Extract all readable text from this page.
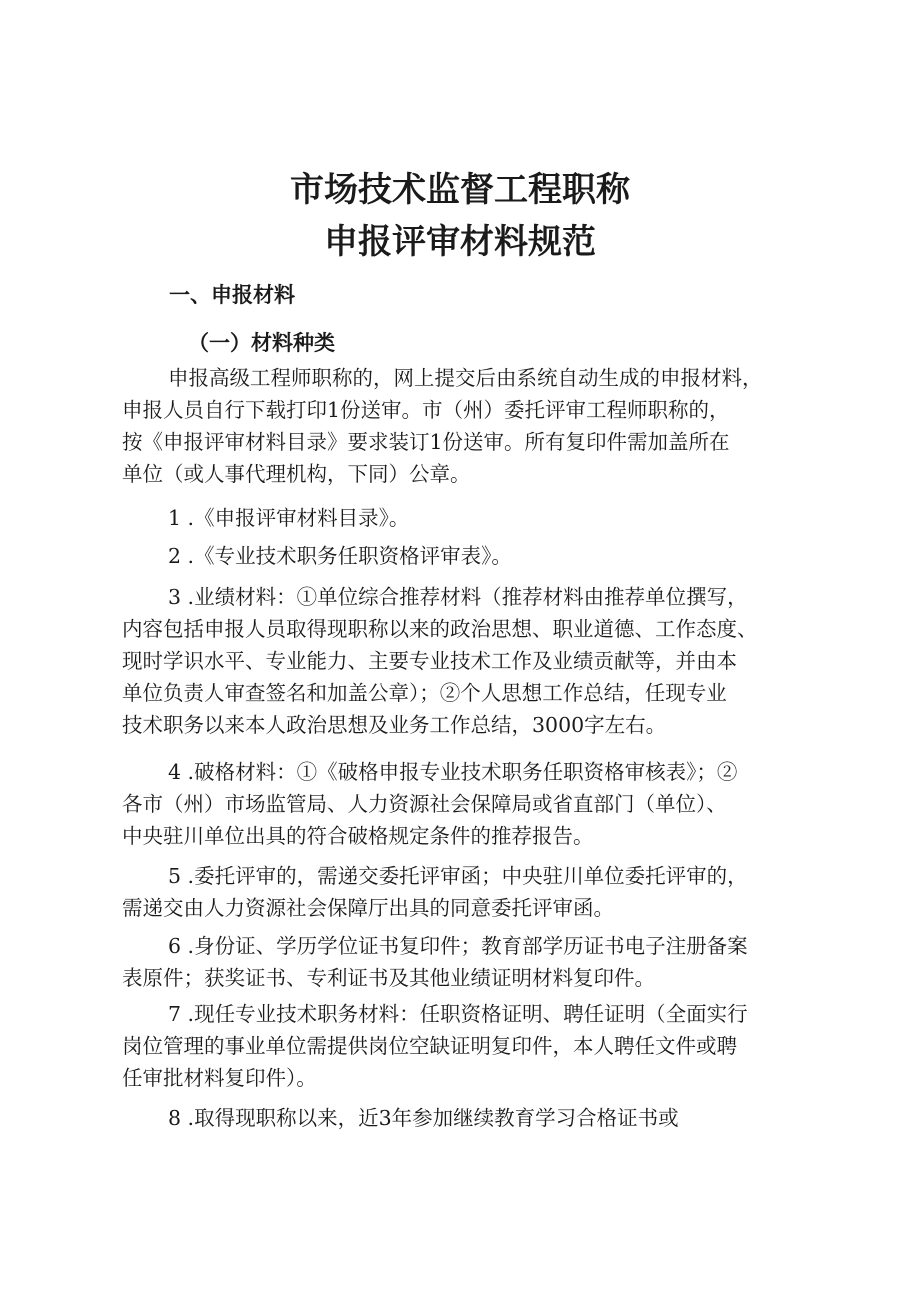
市场技术监督工程职称
申报评审材料规范
一、申报材料
（一）材料种类
申报高级工程师职称的，网上提交后由系统自动生成的申报材料，
申报人员自行下载打印1份送审。市（州）委托评审工程师职称的，
按《申报评审材料目录》要求装订1份送审。所有复印件需加盖所在
单位（或人事代理机构，下同）公章。
1 .《申报评审材料目录》。
2 .《专业技术职务任职资格评审表》。
3 .业绩材料：①单位综合推荐材料（推荐材料由推荐单位撰写，
内容包括申报人员取得现职称以来的政治思想、职业道德、工作态度、
现时学识水平、专业能力、主要专业技术工作及业绩贡献等，并由本
单位负责人审查签名和加盖公章）；②个人思想工作总结，任现专业
技术职务以来本人政治思想及业务工作总结，3000字左右。
4 .破格材料：①《破格申报专业技术职务任职资格审核表》；②
各市（州）市场监管局、人力资源社会保障局或省直部门（单位）、
中央驻川单位出具的符合破格规定条件的推荐报告。
5 .委托评审的，需递交委托评审函；中央驻川单位委托评审的，
需递交由人力资源社会保障厅出具的同意委托评审函。
6 .身份证、学历学位证书复印件；教育部学历证书电子注册备案
表原件；获奖证书、专利证书及其他业绩证明材料复印件。
7 .现任专业技术职务材料：任职资格证明、聘任证明（全面实行
岗位管理的事业单位需提供岗位空缺证明复印件，本人聘任文件或聘
任审批材料复印件）。
8 .取得现职称以来，近3年参加继续教育学习合格证书或
